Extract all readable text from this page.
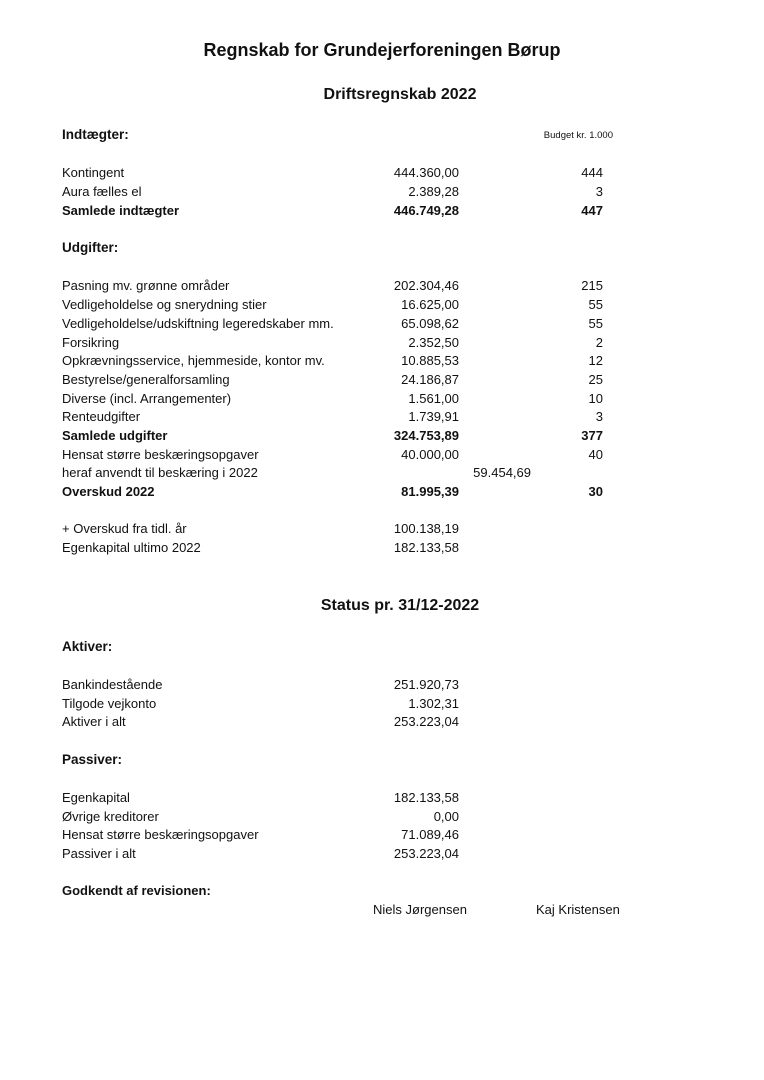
Regnskab for Grundejerforeningen Børup
Driftsregnskab 2022
Indtægter:	Budget kr. 1.000
Kontingent	444.360,00	444
Aura fælles el	2.389,28	3
Samlede indtægter	446.749,28	447
Udgifter:
Pasning mv. grønne områder	202.304,46	215
Vedligeholdelse og snerydning stier	16.625,00	55
Vedligeholdelse/udskiftning legeredskaber mm.	65.098,62	55
Forsikring	2.352,50	2
Opkrævningsservice, hjemmeside, kontor mv.	10.885,53	12
Bestyrelse/generalforsamling	24.186,87	25
Diverse (incl. Arrangementer)	1.561,00	10
Renteudgifter	1.739,91	3
Samlede udgifter	324.753,89	377
Hensat større beskæringsopgaver	40.000,00	40
heraf anvendt til beskæring i 2022	59.454,69
Overskud 2022	81.995,39	30
+ Overskud fra tidl. år	100.138,19
Egenkapital ultimo 2022	182.133,58
Status pr. 31/12-2022
Aktiver:
Bankindestående	251.920,73
Tilgode vejkonto	1.302,31
Aktiver i alt	253.223,04
Passiver:
Egenkapital	182.133,58
Øvrige kreditorer	0,00
Hensat større beskæringsopgaver	71.089,46
Passiver i alt	253.223,04
Godkendt af revisionen:
Niels Jørgensen	Kaj Kristensen
